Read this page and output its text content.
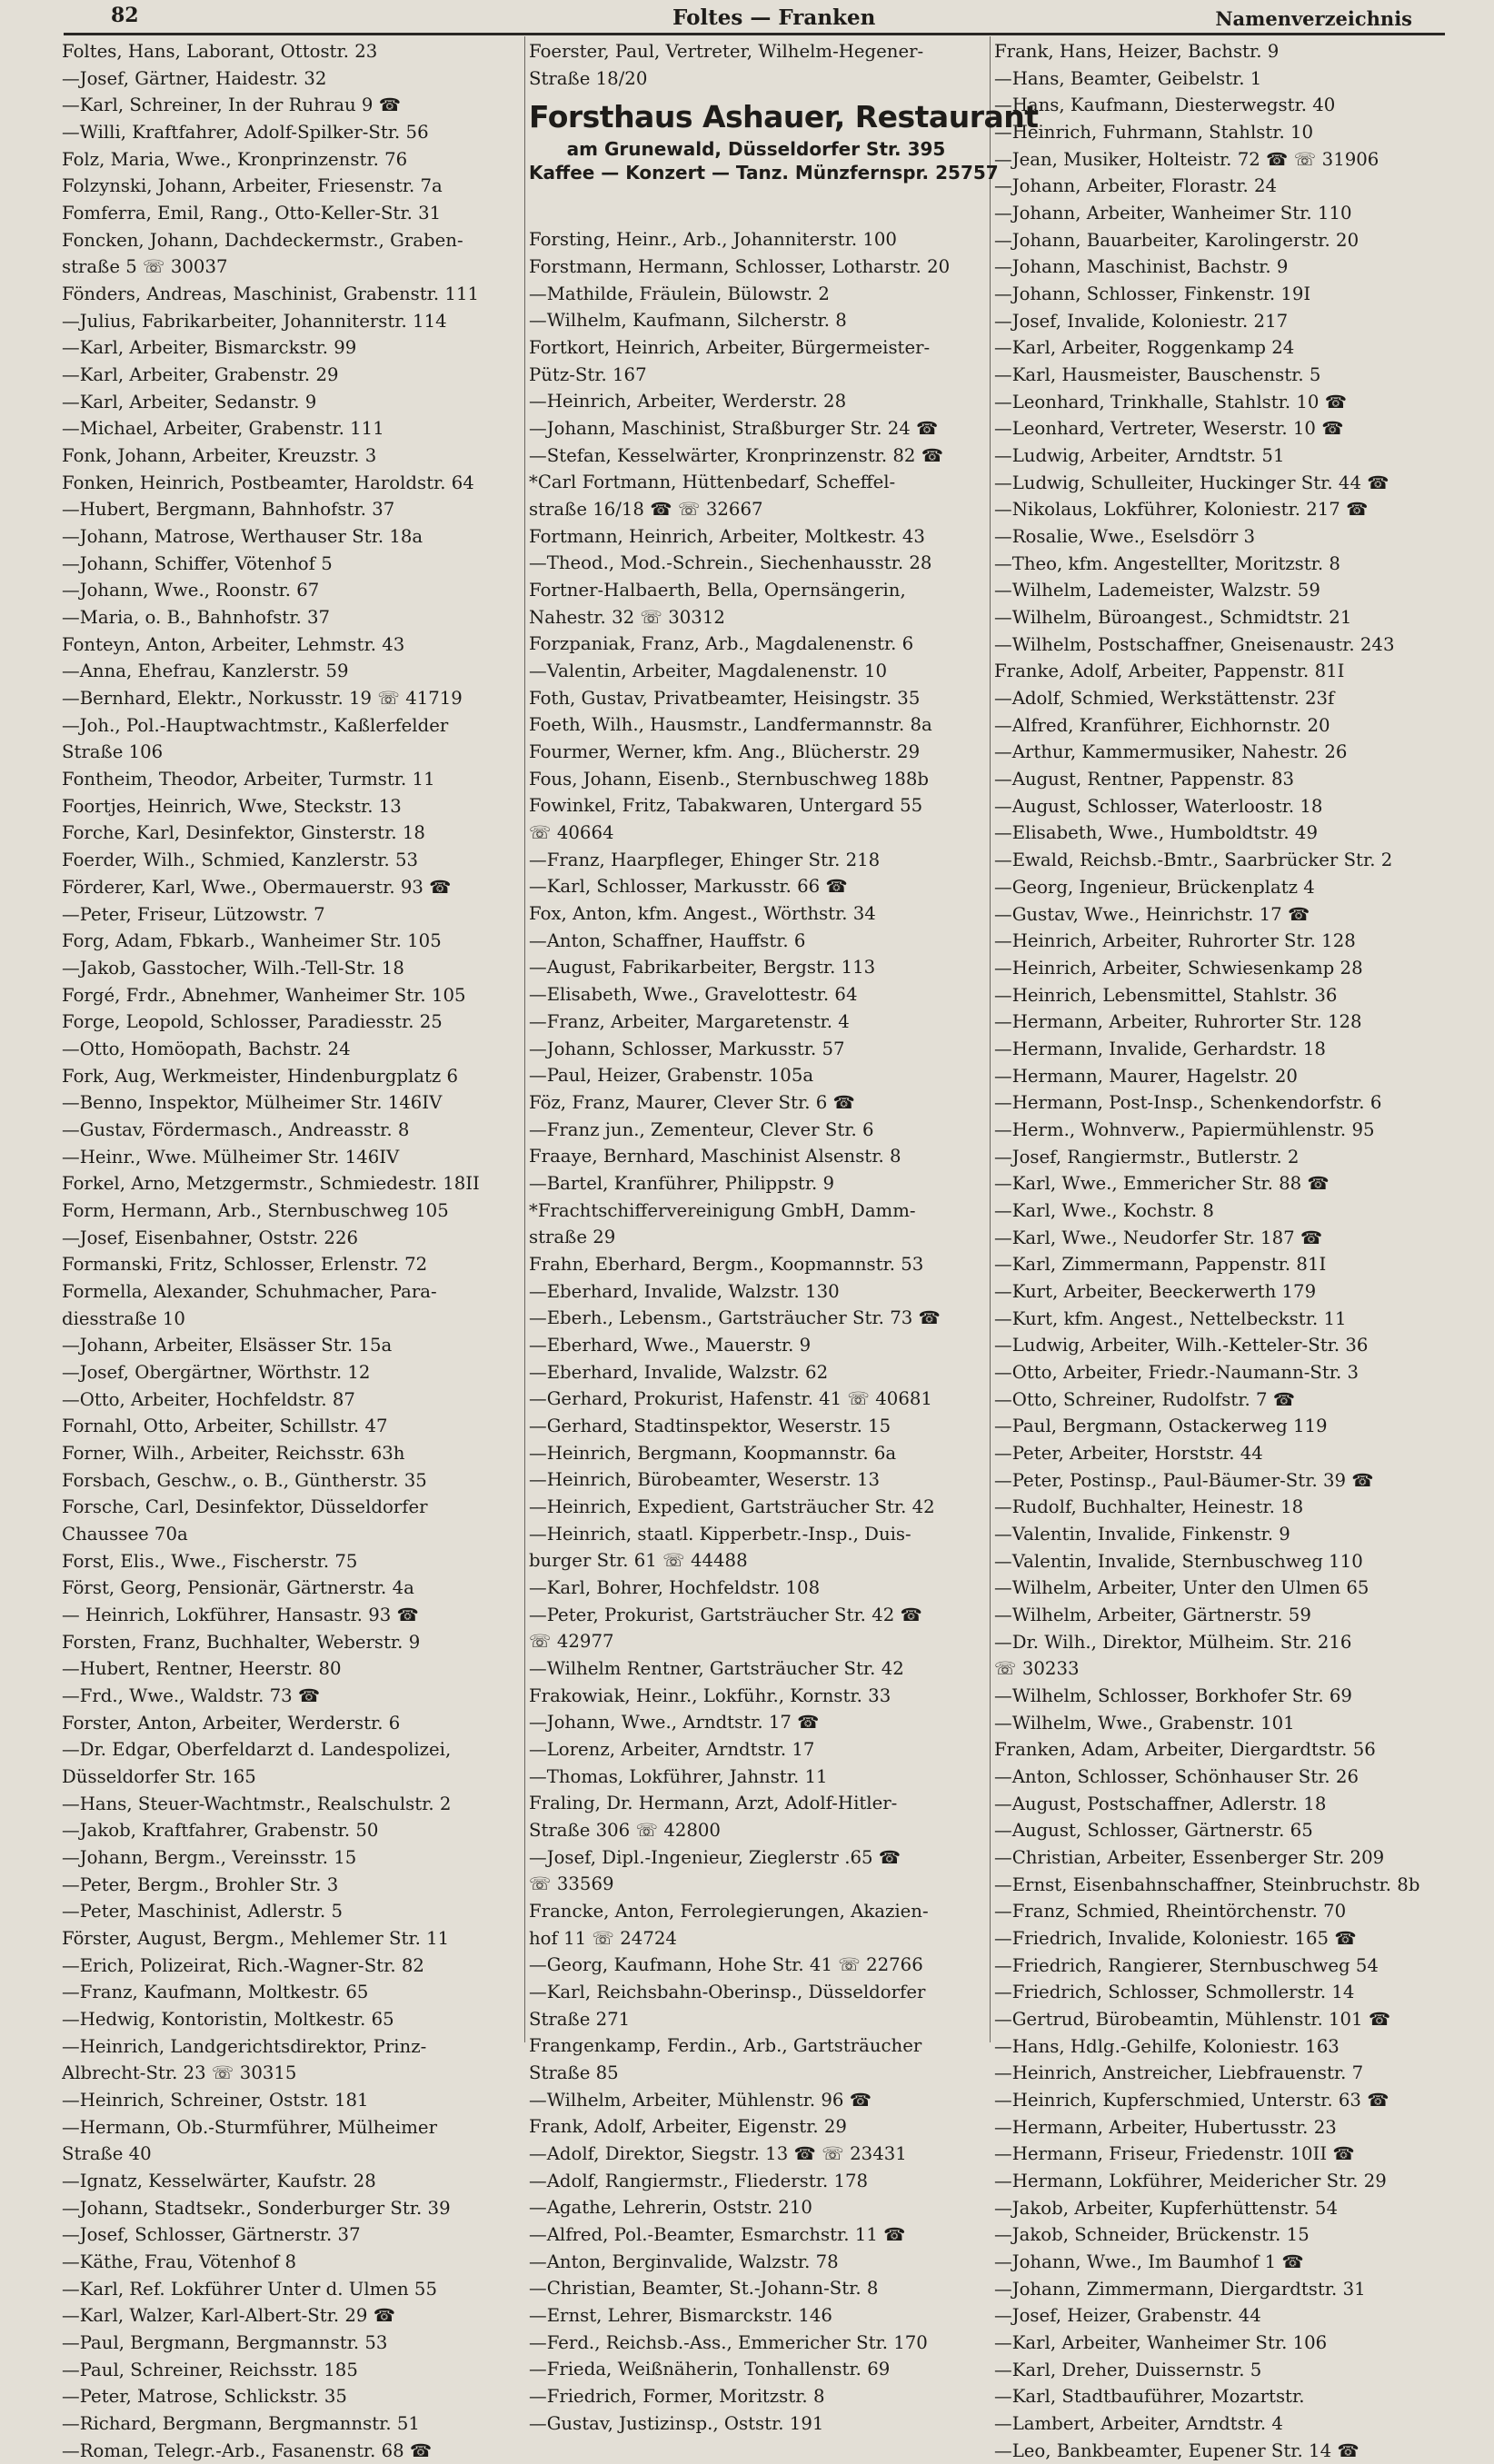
82	Foltes — Franken	Namenverzeichnis
Foltes, Hans, Laborant, Ottostr. 23
—Josef, Gärtner, Haidestr. 32
—Karl, Schreiner, In der Ruhrau 9 ☎
—Willi, Kraftfahrer, Adolf-Spilker-Str. 56
Folz, Maria, Wwe., Kronprinzenstr. 76
Folzynski, Johann, Arbeiter, Friesenstr. 7a
Fomferra, Emil, Rang., Otto-Keller-Str. 31
Foncken, Johann, Dachdeckermstr., Graben-
straße 5 ☏ 30037
Fönders, Andreas, Maschinist, Grabenstr. 111
—Julius, Fabrikarbeiter, Johanniterstr. 114
—Karl, Arbeiter, Bismarckstr. 99
—Karl, Arbeiter, Grabenstr. 29
—Karl, Arbeiter, Sedanstr. 9
—Michael, Arbeiter, Grabenstr. 111
Fonk, Johann, Arbeiter, Kreuzstr. 3
Fonken, Heinrich, Postbeamter, Haroldstr. 64
—Hubert, Bergmann, Bahnhofstr. 37
—Johann, Matrose, Werthauser Str. 18a
—Johann, Schiffer, Vötenhof 5
—Johann, Wwe., Roonstr. 67
—Maria, o. B., Bahnhofstr. 37
Fonteyn, Anton, Arbeiter, Lehmstr. 43
—Anna, Ehefrau, Kanzlerstr. 59
—Bernhard, Elektr., Norkusstr. 19 ☏ 41719
—Joh., Pol.-Hauptwachtmstr., Kaßlerfelder
Straße 106
Fontheim, Theodor, Arbeiter, Turmstr. 11
Foortjes, Heinrich, Wwe, Steckstr. 13
Forche, Karl, Desinfektor, Ginsterstr. 18
Foerder, Wilh., Schmied, Kanzlerstr. 53
Förderer, Karl, Wwe., Obermauerstr. 93 ☎
—Peter, Friseur, Lützowstr. 7
Forg, Adam, Fbkarb., Wanheimer Str. 105
—Jakob, Gasstocher, Wilh.-Tell-Str. 18
Forgé, Frdr., Abnehmer, Wanheimer Str. 105
Forge, Leopold, Schlosser, Paradiesstr. 25
—Otto, Homöopath, Bachstr. 24
Fork, Aug, Werkmeister, Hindenburgplatz 6
—Benno, Inspektor, Mülheimer Str. 146IV
—Gustav, Fördermasch., Andreasstr. 8
—Heinr., Wwe. Mülheimer Str. 146IV
Forkel, Arno, Metzgermstr., Schmiedestr. 18II
Form, Hermann, Arb., Sternbuschweg 105
—Josef, Eisenbahner, Oststr. 226
Formanski, Fritz, Schlosser, Erlenstr. 72
Formella, Alexander, Schuhmacher, Para-
diesstraße 10
—Johann, Arbeiter, Elsässer Str. 15a
—Josef, Obergärtner, Wörthstr. 12
—Otto, Arbeiter, Hochfeldstr. 87
Fornahl, Otto, Arbeiter, Schillstr. 47
Forner, Wilh., Arbeiter, Reichsstr. 63h
Forsbach, Geschw., o. B., Güntherstr. 35
Forsche, Carl, Desinfektor, Düsseldorfer
Chaussee 70a
Forst, Elis., Wwe., Fischerstr. 75
Först, Georg, Pensionär, Gärtnerstr. 4a
— Heinrich, Lokführer, Hansastr. 93 ☎
Forsten, Franz, Buchhalter, Weberstr. 9
—Hubert, Rentner, Heerstr. 80
—Frd., Wwe., Waldstr. 73 ☎
Forster, Anton, Arbeiter, Werderstr. 6
—Dr. Edgar, Oberfeldarzt d. Landespolizei,
Düsseldorfer Str. 165
—Hans, Steuer-Wachtmstr., Realschulstr. 2
—Jakob, Kraftfahrer, Grabenstr. 50
—Johann, Bergm., Vereinsstr. 15
—Peter, Bergm., Brohler Str. 3
—Peter, Maschinist, Adlerstr. 5
Förster, August, Bergm., Mehlemer Str. 11
—Erich, Polizeirat, Rich.-Wagner-Str. 82
—Franz, Kaufmann, Moltkestr. 65
—Hedwig, Kontoristin, Moltkestr. 65
—Heinrich, Landgerichtsdirektor, Prinz-
Albrecht-Str. 23 ☏ 30315
—Heinrich, Schreiner, Oststr. 181
—Hermann, Ob.-Sturmführer, Mülheimer
Straße 40
—Ignatz, Kesselwärter, Kaufstr. 28
—Johann, Stadtsekr., Sonderburger Str. 39
—Josef, Schlosser, Gärtnerstr. 37
—Käthe, Frau, Vötenhof 8
—Karl, Ref. Lokführer Unter d. Ulmen 55
—Karl, Walzer, Karl-Albert-Str. 29 ☎
—Paul, Bergmann, Bergmannstr. 53
—Paul, Schreiner, Reichsstr. 185
—Peter, Matrose, Schlickstr. 35
—Richard, Bergmann, Bergmannstr. 51
—Roman, Telegr.-Arb., Fasanenstr. 68 ☎
Foerster, Paul, Vertreter, Wilhelm-Hegener-
Straße 18/20
Forsthaus Ashauer, Restaurant
am Grunewald, Düsseldorfer Str. 395
Kaffee — Konzert — Tanz. Münzfernspr. 25757
Forsting, Heinr., Arb., Johanniterstr. 100
Forstmann, Hermann, Schlosser, Lotharstr. 20
—Mathilde, Fräulein, Bülowstr. 2
—Wilhelm, Kaufmann, Silcherstr. 8
Fortkort, Heinrich, Arbeiter, Bürgermeister-
Pütz-Str. 167
—Heinrich, Arbeiter, Werderstr. 28
—Johann, Maschinist, Straßburger Str. 24 ☎
—Stefan, Kesselwärter, Kronprinzenstr. 82 ☎
*Carl Fortmann, Hüttenbedarf, Scheffel-
straße 16/18 ☎ ☏ 32667
Fortmann, Heinrich, Arbeiter, Moltkestr. 43
—Theod., Mod.-Schrein., Siechenhausstr. 28
Fortner-Halbaerth, Bella, Opernsängerin,
Nahestr. 32 ☏ 30312
Forzpaniak, Franz, Arb., Magdalenenstr. 6
—Valentin, Arbeiter, Magdalenenstr. 10
Foth, Gustav, Privatbeamter, Heisingstr. 35
Foeth, Wilh., Hausmstr., Landfermannstr. 8a
Fourmer, Werner, kfm. Ang., Blücherstr. 29
Fous, Johann, Eisenb., Sternbuschweg 188b
Fowinkel, Fritz, Tabakwaren, Untergard 55
☏ 40664
—Franz, Haarpfleger, Ehinger Str. 218
—Karl, Schlosser, Markusstr. 66 ☎
Fox, Anton, kfm. Angest., Wörthstr. 34
—Anton, Schaffner, Hauffstr. 6
—August, Fabrikarbeiter, Bergstr. 113
—Elisabeth, Wwe., Gravelottestr. 64
—Franz, Arbeiter, Margaretenstr. 4
—Johann, Schlosser, Markusstr. 57
—Paul, Heizer, Grabenstr. 105a
Föz, Franz, Maurer, Clever Str. 6 ☎
—Franz jun., Zementeur, Clever Str. 6
Fraaye, Bernhard, Maschinist Alsenstr. 8
—Bartel, Kranführer, Philippstr. 9
*Frachtschiffervereinigung GmbH, Damm-
straße 29
Frahn, Eberhard, Bergm., Koopmannstr. 53
—Eberhard, Invalide, Walzstr. 130
—Eberh., Lebensm., Gartsträucher Str. 73 ☎
—Eberhard, Wwe., Mauerstr. 9
—Eberhard, Invalide, Walzstr. 62
—Gerhard, Prokurist, Hafenstr. 41 ☏ 40681
—Gerhard, Stadtinspektor, Weserstr. 15
—Heinrich, Bergmann, Koopmannstr. 6a
—Heinrich, Bürobeamter, Weserstr. 13
—Heinrich, Expedient, Gartsträucher Str. 42
—Heinrich, staatl. Kipperbetr.-Insp., Duis-
burger Str. 61 ☏ 44488
—Karl, Bohrer, Hochfeldstr. 108
—Peter, Prokurist, Gartsträucher Str. 42 ☎
☏ 42977
—Wilhelm Rentner, Gartsträucher Str. 42
Frakowiak, Heinr., Lokführ., Kornstr. 33
—Johann, Wwe., Arndtstr. 17 ☎
—Lorenz, Arbeiter, Arndtstr. 17
—Thomas, Lokführer, Jahnstr. 11
Fraling, Dr. Hermann, Arzt, Adolf-Hitler-
Straße 306 ☏ 42800
—Josef, Dipl.-Ingenieur, Zieglerstr .65 ☎
☏ 33569
Francke, Anton, Ferrolegierungen, Akazien-
hof 11 ☏ 24724
—Georg, Kaufmann, Hohe Str. 41 ☏ 22766
—Karl, Reichsbahn-Oberinsp., Düsseldorfer
Straße 271
Frangenkamp, Ferdin., Arb., Gartsträucher
Straße 85
—Wilhelm, Arbeiter, Mühlenstr. 96 ☎
Frank, Adolf, Arbeiter, Eigenstr. 29
—Adolf, Direktor, Siegstr. 13 ☎ ☏ 23431
—Adolf, Rangiermstr., Fliederstr. 178
—Agathe, Lehrerin, Oststr. 210
—Alfred, Pol.-Beamter, Esmarchstr. 11 ☎
—Anton, Berginvalide, Walzstr. 78
—Christian, Beamter, St.-Johann-Str. 8
—Ernst, Lehrer, Bismarckstr. 146
—Ferd., Reichsb.-Ass., Emmericher Str. 170
—Frieda, Weißnäherin, Tonhallenstr. 69
—Friedrich, Former, Moritzstr. 8
—Gustav, Justizinsp., Oststr. 191
Frank, Hans, Heizer, Bachstr. 9
—Hans, Beamter, Geibelstr. 1
—Hans, Kaufmann, Diesterwegstr. 40
—Heinrich, Fuhrmann, Stahlstr. 10
—Jean, Musiker, Holteistr. 72 ☎ ☏ 31906
—Johann, Arbeiter, Florastr. 24
—Johann, Arbeiter, Wanheimer Str. 110
—Johann, Bauarbeiter, Karolingerstr. 20
—Johann, Maschinist, Bachstr. 9
—Johann, Schlosser, Finkenstr. 19I
—Josef, Invalide, Koloniestr. 217
—Karl, Arbeiter, Roggenkamp 24
—Karl, Hausmeister, Bauschenstr. 5
—Leonhard, Trinkhalle, Stahlstr. 10 ☎
—Leonhard, Vertreter, Weserstr. 10 ☎
—Ludwig, Arbeiter, Arndtstr. 51
—Ludwig, Schulleiter, Huckinger Str. 44 ☎
—Nikolaus, Lokführer, Koloniestr. 217 ☎
—Rosalie, Wwe., Eselsdörr 3
—Theo, kfm. Angestellter, Moritzstr. 8
—Wilhelm, Lademeister, Walzstr. 59
—Wilhelm, Büroangest., Schmidtstr. 21
—Wilhelm, Postschaffner, Gneisenaustr. 243
Franke, Adolf, Arbeiter, Pappenstr. 81I
—Adolf, Schmied, Werkstättenstr. 23f
—Alfred, Kranführer, Eichhornstr. 20
—Arthur, Kammermusiker, Nahestr. 26
—August, Rentner, Pappenstr. 83
—August, Schlosser, Waterloostr. 18
—Elisabeth, Wwe., Humboldtstr. 49
—Ewald, Reichsb.-Bmtr., Saarbrücker Str. 2
—Georg, Ingenieur, Brückenplatz 4
—Gustav, Wwe., Heinrichstr. 17 ☎
—Heinrich, Arbeiter, Ruhrorter Str. 128
—Heinrich, Arbeiter, Schwiesenkamp 28
—Heinrich, Lebensmittel, Stahlstr. 36
—Hermann, Arbeiter, Ruhrorter Str. 128
—Hermann, Invalide, Gerhardstr. 18
—Hermann, Maurer, Hagelstr. 20
—Hermann, Post-Insp., Schenkendorfstr. 6
—Herm., Wohnverw., Papiermühlenstr. 95
—Josef, Rangiermstr., Butlerstr. 2
—Karl, Wwe., Emmericher Str. 88 ☎
—Karl, Wwe., Kochstr. 8
—Karl, Wwe., Neudorfer Str. 187 ☎
—Karl, Zimmermann, Pappenstr. 81I
—Kurt, Arbeiter, Beeckerwerth 179
—Kurt, kfm. Angest., Nettelbeckstr. 11
—Ludwig, Arbeiter, Wilh.-Ketteler-Str. 36
—Otto, Arbeiter, Friedr.-Naumann-Str. 3
—Otto, Schreiner, Rudolfstr. 7 ☎
—Paul, Bergmann, Ostackerweg 119
—Peter, Arbeiter, Horststr. 44
—Peter, Postinsp., Paul-Bäumer-Str. 39 ☎
—Rudolf, Buchhalter, Heinestr. 18
—Valentin, Invalide, Finkenstr. 9
—Valentin, Invalide, Sternbuschweg 110
—Wilhelm, Arbeiter, Unter den Ulmen 65
—Wilhelm, Arbeiter, Gärtnerstr. 59
—Dr. Wilh., Direktor, Mülheim. Str. 216
☏ 30233
—Wilhelm, Schlosser, Borkhofer Str. 69
—Wilhelm, Wwe., Grabenstr. 101
Franken, Adam, Arbeiter, Diergardtstr. 56
—Anton, Schlosser, Schönhauser Str. 26
—August, Postschaffner, Adlerstr. 18
—August, Schlosser, Gärtnerstr. 65
—Christian, Arbeiter, Essenberger Str. 209
—Ernst, Eisenbahnschaffner, Steinbruchstr. 8b
—Franz, Schmied, Rheintörchenstr. 70
—Friedrich, Invalide, Koloniestr. 165 ☎
—Friedrich, Rangierer, Sternbuschweg 54
—Friedrich, Schlosser, Schmollerstr. 14
—Gertrud, Bürobeamtin, Mühlenstr. 101 ☎
—Hans, Hdlg.-Gehilfe, Koloniestr. 163
—Heinrich, Anstreicher, Liebfrauenstr. 7
—Heinrich, Kupferschmied, Unterstr. 63 ☎
—Hermann, Arbeiter, Hubertusstr. 23
—Hermann, Friseur, Friedenstr. 10II ☎
—Hermann, Lokführer, Meidericher Str. 29
—Jakob, Arbeiter, Kupferhüttenstr. 54
—Jakob, Schneider, Brückenstr. 15
—Johann, Wwe., Im Baumhof 1 ☎
—Johann, Zimmermann, Diergardtstr. 31
—Josef, Heizer, Grabenstr. 44
—Karl, Arbeiter, Wanheimer Str. 106
—Karl, Dreher, Duissernstr. 5
—Karl, Stadtbauführer, Mozartstr.
—Lambert, Arbeiter, Arndtstr. 4
—Leo, Bankbeamter, Eupener Str. 14 ☎
